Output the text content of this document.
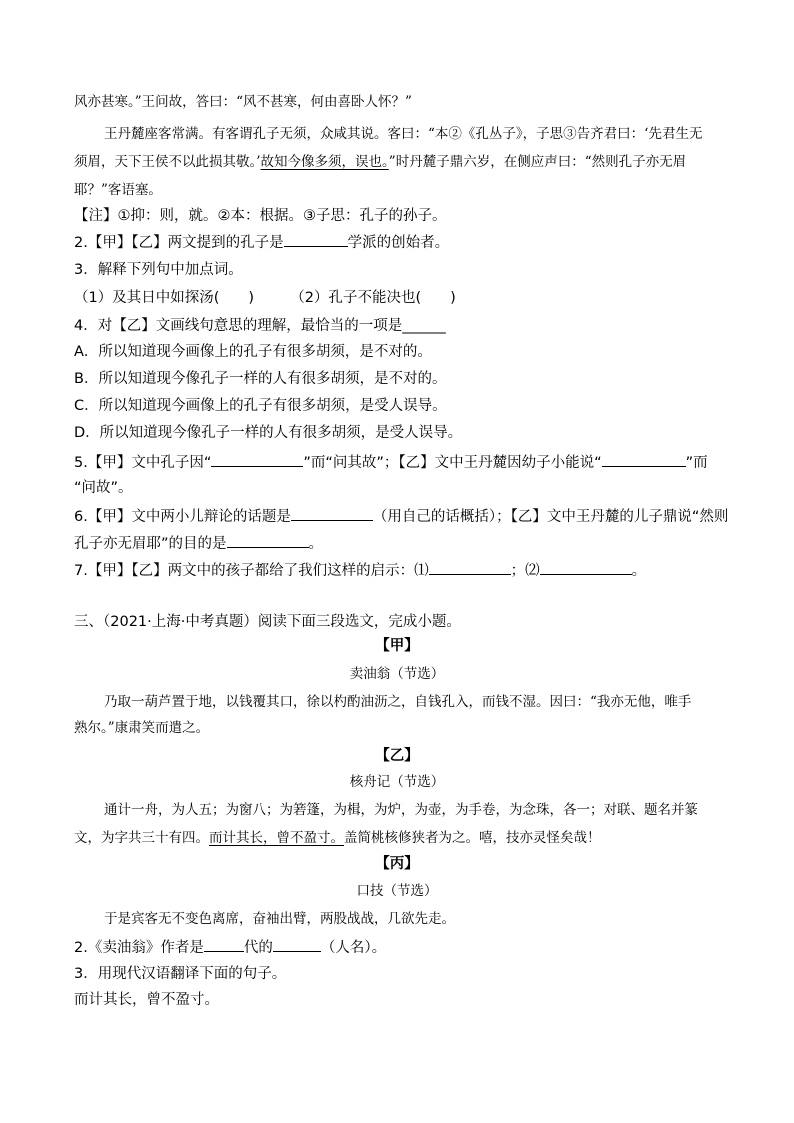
风亦甚寒。”王问故，答曰：“风不甚寒，何由喜卧人怀？”
王丹麓座客常满。有客谓孔子无须，众咸其说。客曰：“本②《孔丛子》，子思③告齐君曰：‘先君生无
须眉，天下王侯不以此损其敬。’故知今像多须，误也。”时丹麓子鼎六岁，在侧应声曰：“然则孔子亦无眉
耶？”客语塞。
【注】①抑：则，就。②本：根据。③子思：孔子的孙子。
2.【甲】【乙】两文提到的孔子是	学派的创始者。
3．解释下列句中加点词。
（1）及其日中如探汤(　　)　　　（2）孔子不能决也(　　)
4．对【乙】文画线句意思的理解，最恰当的一项是______
A．所以知道现今画像上的孔子有很多胡须，是不对的。
B．所以知道现今像孔子一样的人有很多胡须，是不对的。
C．所以知道现今画像上的孔子有很多胡须，是受人误导。
D．所以知道现今像孔子一样的人有很多胡须，是受人误导。
5.【甲】文中孔子因“	”而“问其故”；【乙】文中王丹麓因幼子小能说“	”而
“问故”。
6.【甲】文中两小儿辩论的话题是	（用自己的话概括）；【乙】文中王丹麓的儿子鼎说“然则
孔子亦无眉耶”的目的是	。
7.【甲】【乙】两文中的孩子都给了我们这样的启示：⑴	；⑵	。
三、（2021·上海·中考真题）阅读下面三段选文，完成小题。
【甲】
卖油翁（节选）
乃取一葫芦置于地，以钱覆其口，徐以杓酌油沥之，自钱孔入，而钱不湿。因曰：“我亦无他，唯手
熟尔。”康肃笑而遣之。
【乙】
核舟记（节选）
通计一舟，为人五；为窗八；为箬篷，为楫，为炉，为壶，为手卷，为念珠，各一；对联、题名并篆
文，为字共三十有四。而计其长，曾不盈寸。盖简桃核修狭者为之。嘻，技亦灵怪矣哉！
【丙】
口技（节选）
于是宾客无不变色离席，奋袖出臂，两股战战，几欲先走。
2.《卖油翁》作者是	代的	（人名）。
3．用现代汉语翻译下面的句子。
而计其长，曾不盈寸。
